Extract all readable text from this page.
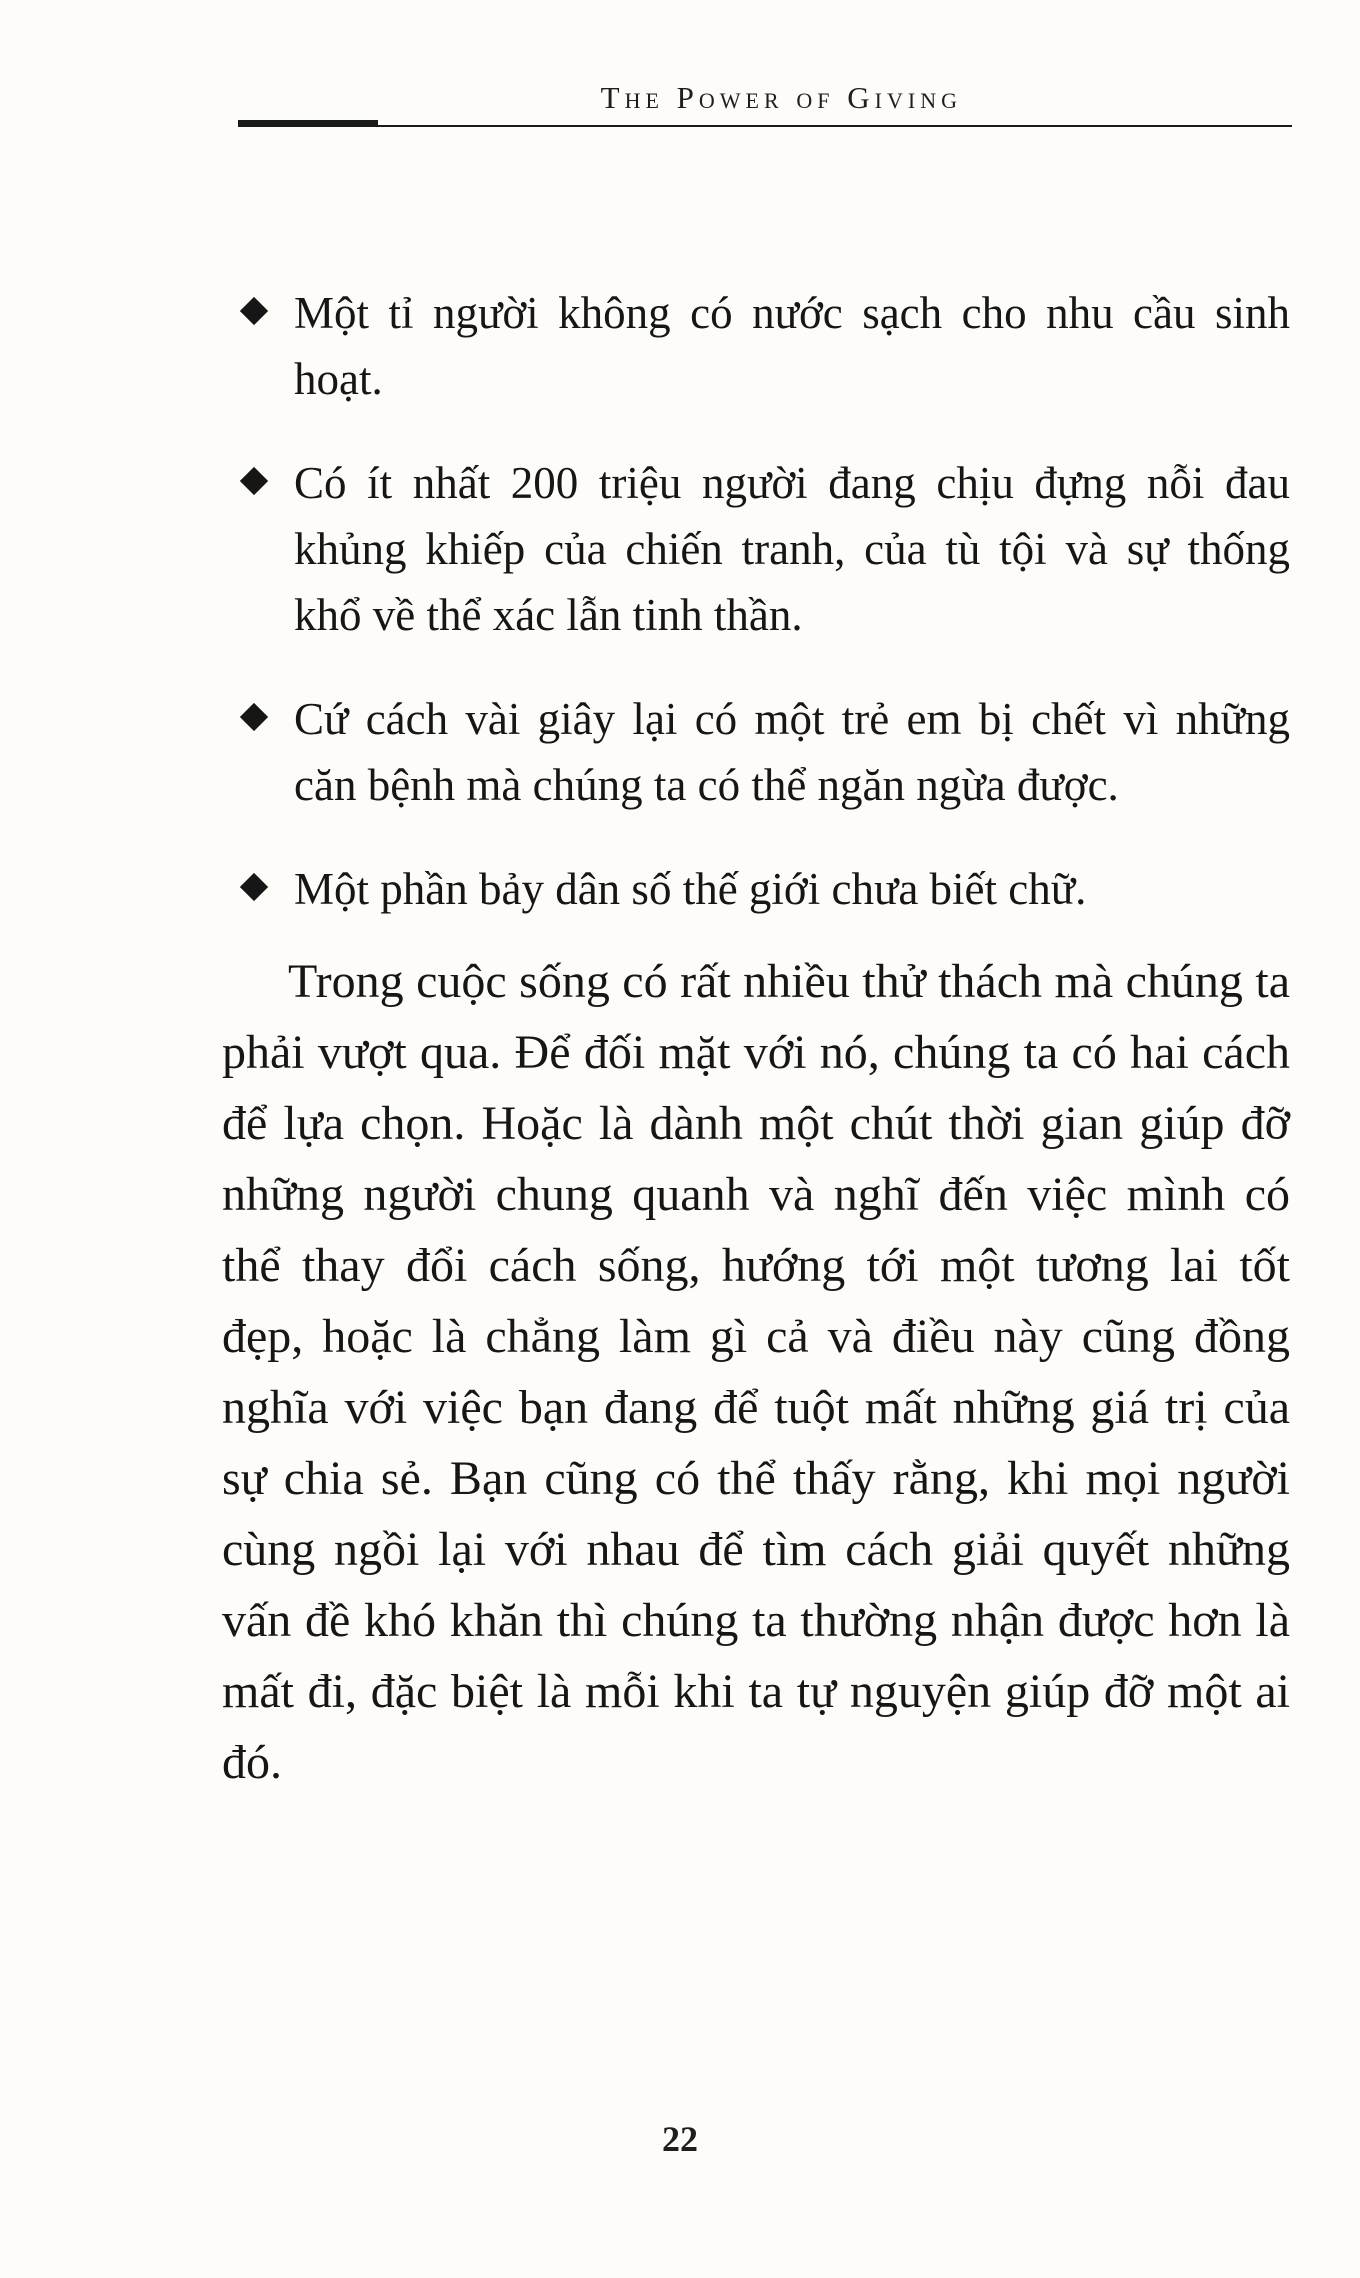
The Power of Giving
Một tỉ người không có nước sạch cho nhu cầu sinh hoạt.
Có ít nhất 200 triệu người đang chịu đựng nỗi đau khủng khiếp của chiến tranh, của tù tội và sự thống khổ về thể xác lẫn tinh thần.
Cứ cách vài giây lại có một trẻ em bị chết vì những căn bệnh mà chúng ta có thể ngăn ngừa được.
Một phần bảy dân số thế giới chưa biết chữ.

Trong cuộc sống có rất nhiều thử thách mà chúng ta phải vượt qua. Để đối mặt với nó, chúng ta có hai cách để lựa chọn. Hoặc là dành một chút thời gian giúp đỡ những người chung quanh và nghĩ đến việc mình có thể thay đổi cách sống, hướng tới một tương lai tốt đẹp, hoặc là chẳng làm gì cả và điều này cũng đồng nghĩa với việc bạn đang để tuột mất những giá trị của sự chia sẻ. Bạn cũng có thể thấy rằng, khi mọi người cùng ngồi lại với nhau để tìm cách giải quyết những vấn đề khó khăn thì chúng ta thường nhận được hơn là mất đi, đặc biệt là mỗi khi ta tự nguyện giúp đỡ một ai đó.

22
